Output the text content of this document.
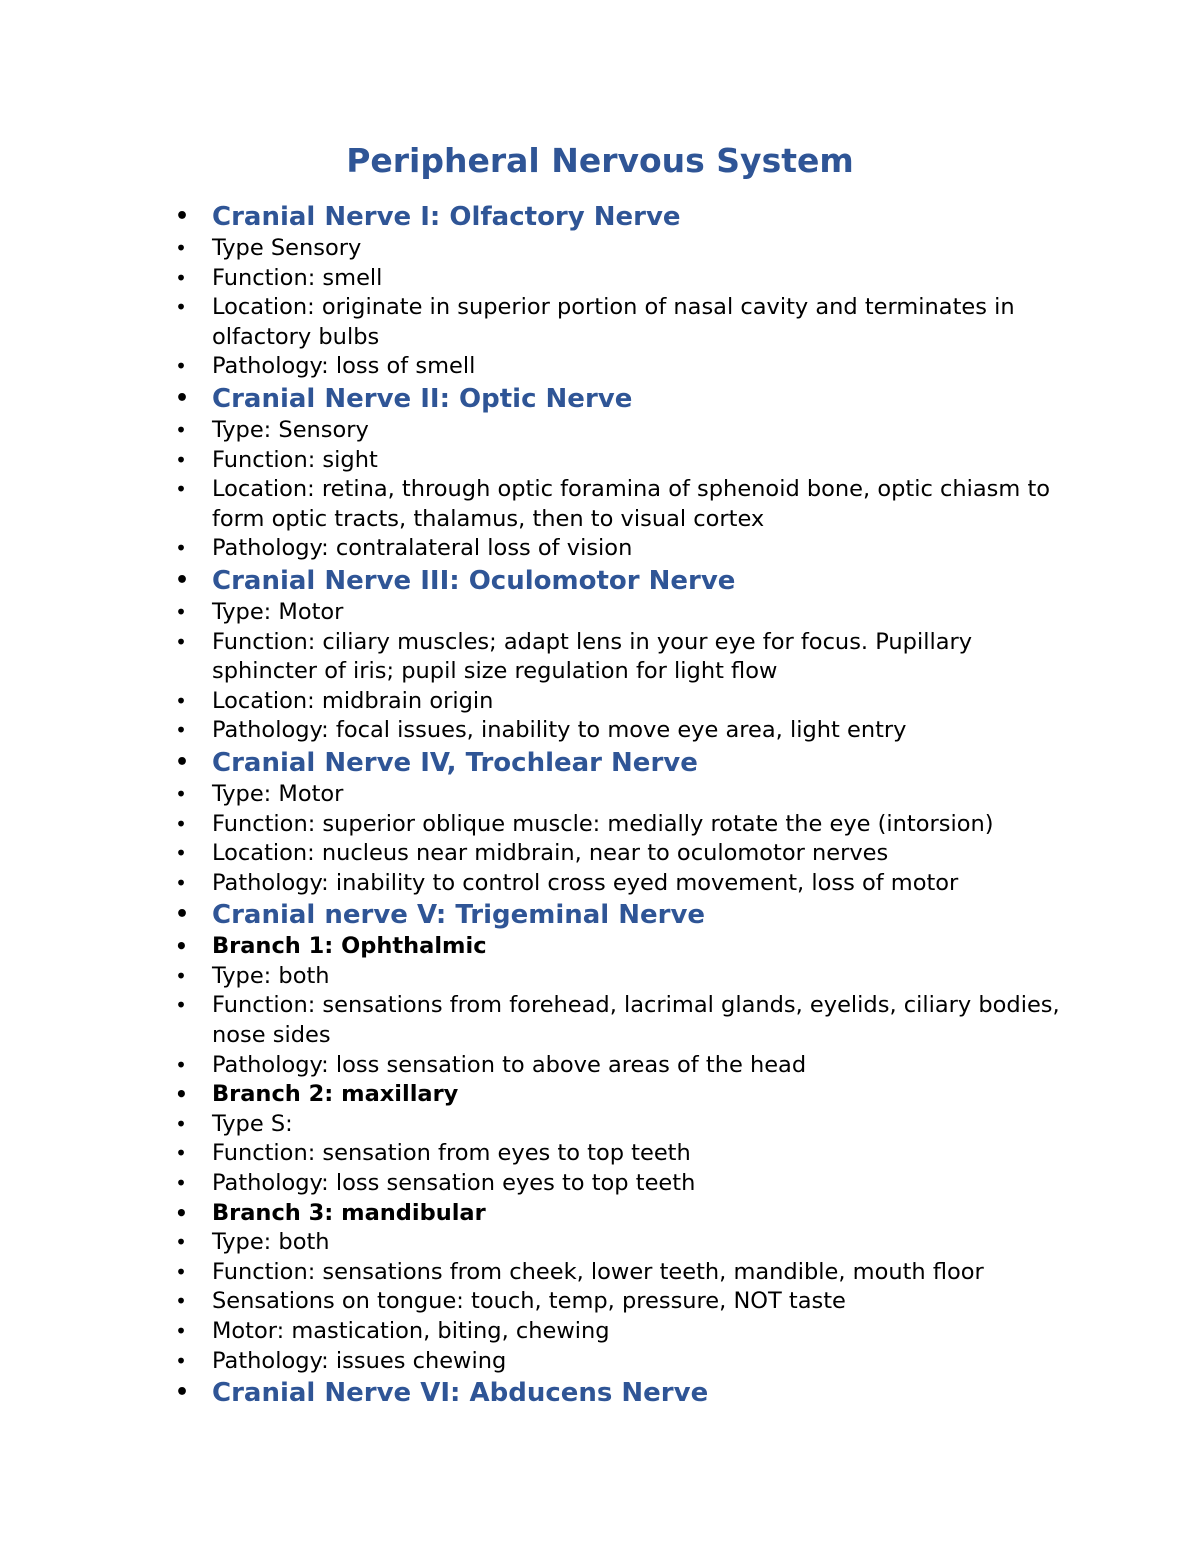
Peripheral Nervous System
• Cranial Nerve I: Olfactory Nerve
• Type Sensory
• Function: smell
• Location: originate in superior portion of nasal cavity and terminates in olfactory bulbs
• Pathology: loss of smell
• Cranial Nerve II: Optic Nerve
• Type: Sensory
• Function: sight
• Location: retina, through optic foramina of sphenoid bone, optic chiasm to form optic tracts, thalamus, then to visual cortex
• Pathology: contralateral loss of vision
• Cranial Nerve III: Oculomotor Nerve
• Type: Motor
• Function: ciliary muscles; adapt lens in your eye for focus. Pupillary sphincter of iris; pupil size regulation for light flow
• Location: midbrain origin
• Pathology: focal issues, inability to move eye area, light entry
• Cranial Nerve IV, Trochlear Nerve
• Type: Motor
• Function: superior oblique muscle: medially rotate the eye (intorsion)
• Location: nucleus near midbrain, near to oculomotor nerves
• Pathology: inability to control cross eyed movement, loss of motor
• Cranial nerve V: Trigeminal Nerve
• Branch 1: Ophthalmic
• Type: both
• Function: sensations from forehead, lacrimal glands, eyelids, ciliary bodies, nose sides
• Pathology: loss sensation to above areas of the head
• Branch 2: maxillary
• Type S:
• Function: sensation from eyes to top teeth
• Pathology: loss sensation eyes to top teeth
• Branch 3: mandibular
• Type: both
• Function: sensations from cheek, lower teeth, mandible, mouth floor
• Sensations on tongue: touch, temp, pressure, NOT taste
• Motor: mastication, biting, chewing
• Pathology: issues chewing
• Cranial Nerve VI: Abducens Nerve
